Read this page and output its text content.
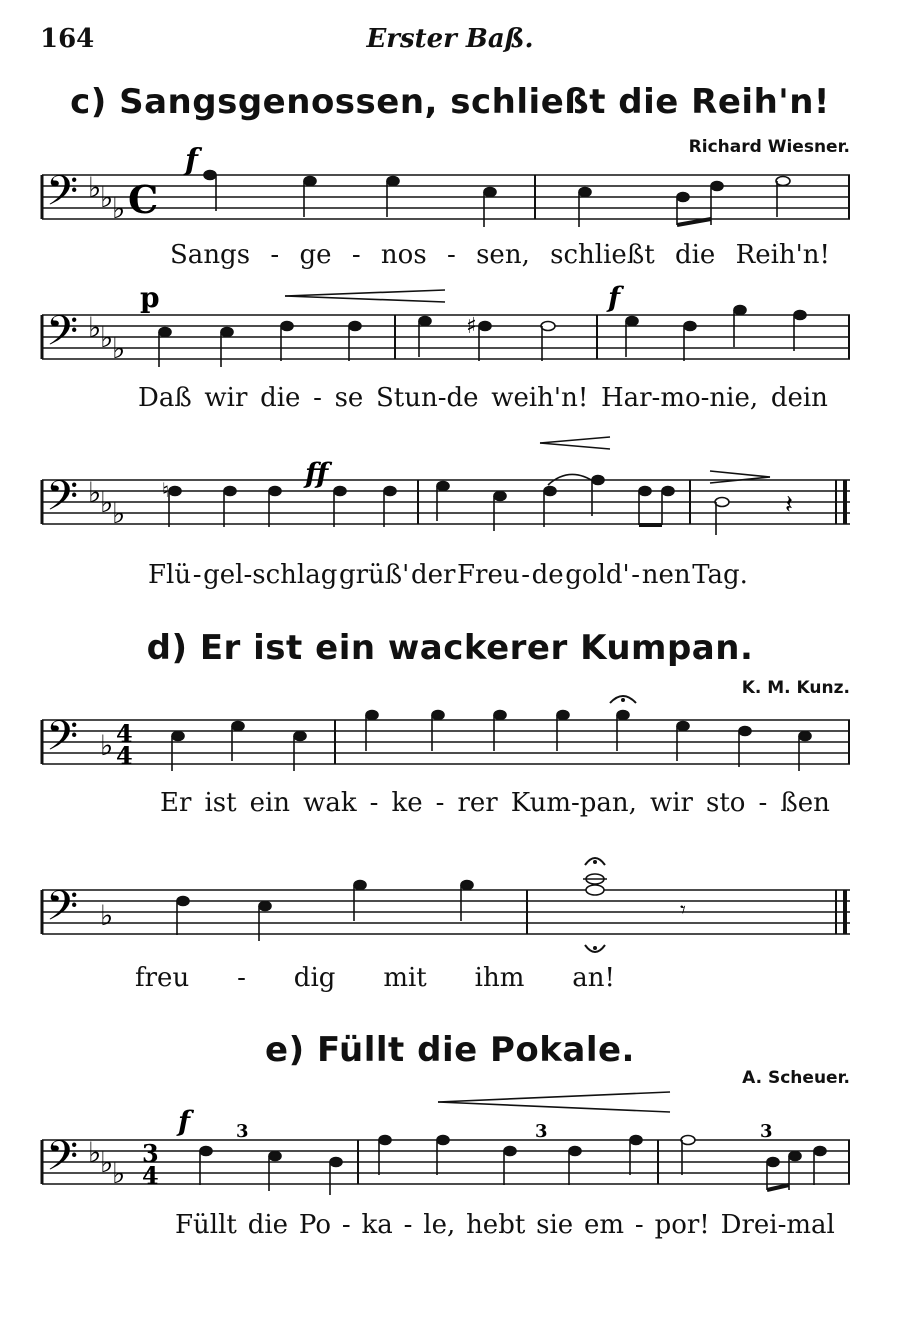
164	Erster Baß.
c) Sangsgenossen, schließt die Reih'n!
Richard Wiesner.
𝄢 ♭
♭
♭ C
f
Sangs - ge - nos - sen, schließt die Reih'n!
𝄢 ♭
♭
♭
p	f
♯
Daß wir die - se Stun-de weih'n! Har-mo-nie, dein
𝄢 ♭
♭
♭
ff
♮	𝄽
Flü - gel-schlag grüß' der Freu - de gold' - nen Tag.
d) Er ist ein wackerer Kumpan.
K. M. Kunz.
𝄢 ♭ 4
4
Er ist ein wak - ke - rer Kum-pan, wir sto - ßen
𝄢 ♭	𝄾
freu - dig mit ihm an!
e) Füllt die Pokale.
A. Scheuer.
𝄢 ♭
♭
♭
3
4
f	3	3	3
Füllt die Po - ka - le, hebt sie em - por! Drei-mal
